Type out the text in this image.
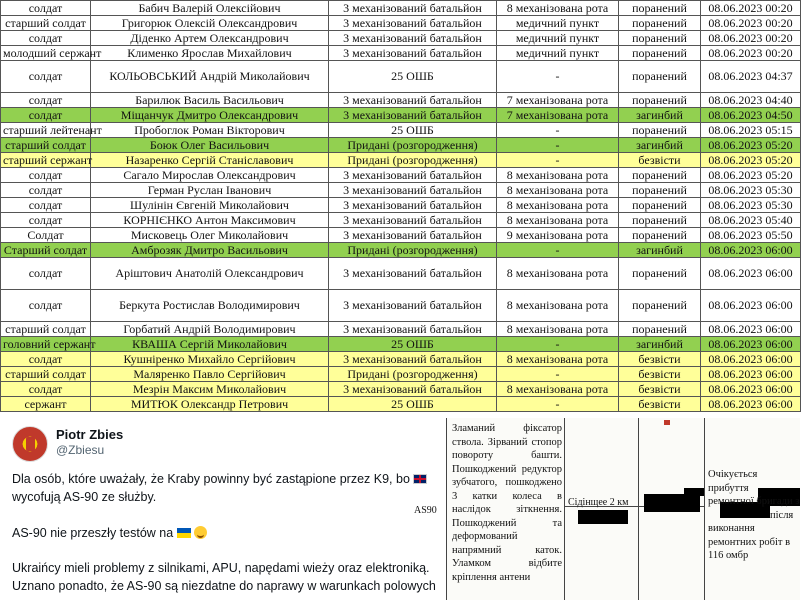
солдат	Бабич Валерій Олексійович	3 механізований батальйон	8 механізована рота	поранений	08.06.2023 00:20
старший солдат	Григорюк Олексій Олександрович	3 механізований батальйон	медичний пункт	поранений	08.06.2023 00:20
солдат	Діденко Артем Олександрович	3 механізований батальйон	медичний пункт	поранений	08.06.2023 00:20
молодший сержант	Клименко Ярослав Михайлович	3 механізований батальйон	медичний пункт	поранений	08.06.2023 00:20
солдат	КОЛЬОВСЬКИЙ Андрій Миколайович	25 ОШБ	-	поранений	08.06.2023 04:37
солдат	Барилюк Василь Васильович	3 механізований батальйон	7 механізована рота	поранений	08.06.2023 04:40
солдат	Міщанчук Дмитро Олександрович	3 механізований батальйон	7 механізована рота	загинбий	08.06.2023 04:50
старший лейтенант	Пробоглок Роман Вікторович	25 ОШБ	-	поранений	08.06.2023 05:15
старший солдат	Боюк Олег Васильович	Придані (розгородження)	-	загинбий	08.06.2023 05:20
старший сержант	Назаренко Сергій Станіславович	Придані (розгородження)	-	безвісти	08.06.2023 05:20
солдат	Сагало Мирослав Олександрович	3 механізований батальйон	8 механізована рота	поранений	08.06.2023 05:20
солдат	Герман Руслан Іванович	3 механізований батальйон	8 механізована рота	поранений	08.06.2023 05:30
солдат	Шулінін Євгеній Миколайович	3 механізований батальйон	8 механізована рота	поранений	08.06.2023 05:30
солдат	КОРНІЄНКО Антон Максимович	3 механізований батальйон	8 механізована рота	поранений	08.06.2023 05:40
Солдат	Мисковець Олег Миколайович	3 механізований батальйон	9 механізована рота	поранений	08.06.2023 05:50
Старший солдат	Амброзяк Дмитро Васильович	Придані (розгородження)	-	загинбий	08.06.2023 06:00
солдат	Аріштович Анатолій Олександрович	3 механізований батальйон	8 механізована рота	поранений	08.06.2023 06:00
солдат	Беркута Ростислав Володимирович	3 механізований батальйон	8 механізована рота	поранений	08.06.2023 06:00
старший солдат	Горбатий Андрій Володимирович	3 механізований батальйон	8 механізована рота	поранений	08.06.2023 06:00
головний сержант	КВАША Сергій Миколайович	25 ОШБ	-	загинбий	08.06.2023 06:00
солдат	Кушніренко Михайло Сергійович	3 механізований батальйон	8 механізована рота	безвісти	08.06.2023 06:00
старший солдат	Маляренко Павло Сергійович	Придані (розгородження)	-	безвісти	08.06.2023 06:00
солдат	Мезрін Максим Миколайович	3 механізований батальйон	8 механізована рота	безвісти	08.06.2023 06:00
сержант	МИТЮК Олександр Петрович	25 ОШБ	-	безвісти	08.06.2023 06:00
Piotr Zbies
@Zbiesu
Dla osób, które uważały, że Kraby powinny być zastąpione przez K9, bo
wycofują AS-90 ze służby.
AS-90 nie przeszły testów na
Ukraińcy mieli problemy z silnikami, APU, napędami wieży oraz elektroniką.
Uznano ponadto, że AS-90 są niezdatne do naprawy w warunkach polowych
AS90
Зламаний	фіксатор ствола. Зірваний стопор повороту	башти. Пошкоджений редуктор зубчатого, пошкоджено 3 катки колеса в наслідок зіткнення. Пошкоджений	та деформований напрямний	каток. Уламком	відбите кріплення антени
Сідінщее 2 км
Очікується прибуття
ремонтної бригади з
після
виконання
ремонтних робіт в
116 омбр
